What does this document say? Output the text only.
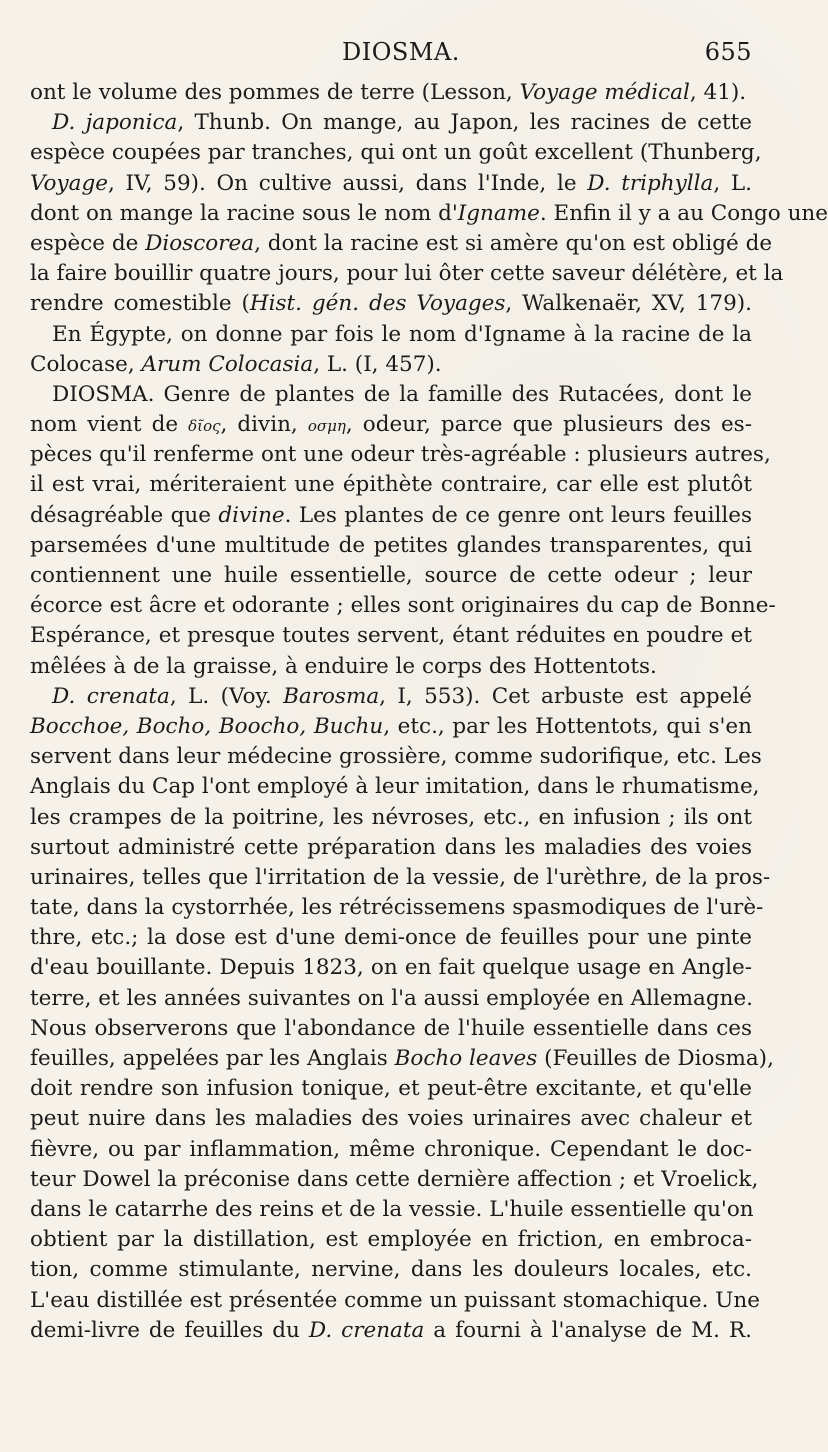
DIOSMA.	655
ont le volume des pommes de terre (Lesson, Voyage médical, 41).
D. japonica, Thunb. On mange, au Japon, les racines de cette
espèce coupées par tranches, qui ont un goût excellent (Thunberg,
Voyage, IV, 59). On cultive aussi, dans l'Inde, le D. triphylla, L.
dont on mange la racine sous le nom d'Igname. Enfin il y a au Congo une
espèce de Dioscorea, dont la racine est si amère qu'on est obligé de
la faire bouillir quatre jours, pour lui ôter cette saveur délétère, et la
rendre comestible (Hist. gén. des Voyages, Walkenaër, XV, 179).
En Égypte, on donne par fois le nom d'Igname à la racine de la
Colocase, Arum Colocasia, L. (I, 457).
DIOSMA. Genre de plantes de la famille des Rutacées, dont le
nom vient de δῖος, divin, οσμη, odeur, parce que plusieurs des es-
pèces qu'il renferme ont une odeur très-agréable : plusieurs autres,
il est vrai, mériteraient une épithète contraire, car elle est plutôt
désagréable que divine. Les plantes de ce genre ont leurs feuilles
parsemées d'une multitude de petites glandes transparentes, qui
contiennent une huile essentielle, source de cette odeur ; leur
écorce est âcre et odorante ; elles sont originaires du cap de Bonne-
Espérance, et presque toutes servent, étant réduites en poudre et
mêlées à de la graisse, à enduire le corps des Hottentots.
D. crenata, L. (Voy. Barosma, I, 553). Cet arbuste est appelé
Bocchoe, Bocho, Boocho, Buchu, etc., par les Hottentots, qui s'en
servent dans leur médecine grossière, comme sudorifique, etc. Les
Anglais du Cap l'ont employé à leur imitation, dans le rhumatisme,
les crampes de la poitrine, les névroses, etc., en infusion ; ils ont
surtout administré cette préparation dans les maladies des voies
urinaires, telles que l'irritation de la vessie, de l'urèthre, de la pros-
tate, dans la cystorrhée, les rétrécissemens spasmodiques de l'urè-
thre, etc.; la dose est d'une demi-once de feuilles pour une pinte
d'eau bouillante. Depuis 1823, on en fait quelque usage en Angle-
terre, et les années suivantes on l'a aussi employée en Allemagne.
Nous observerons que l'abondance de l'huile essentielle dans ces
feuilles, appelées par les Anglais Bocho leaves (Feuilles de Diosma),
doit rendre son infusion tonique, et peut-être excitante, et qu'elle
peut nuire dans les maladies des voies urinaires avec chaleur et
fièvre, ou par inflammation, même chronique. Cependant le doc-
teur Dowel la préconise dans cette dernière affection ; et Vroelick,
dans le catarrhe des reins et de la vessie. L'huile essentielle qu'on
obtient par la distillation, est employée en friction, en embroca-
tion, comme stimulante, nervine, dans les douleurs locales, etc.
L'eau distillée est présentée comme un puissant stomachique. Une
demi-livre de feuilles du D. crenata a fourni à l'analyse de M. R.
